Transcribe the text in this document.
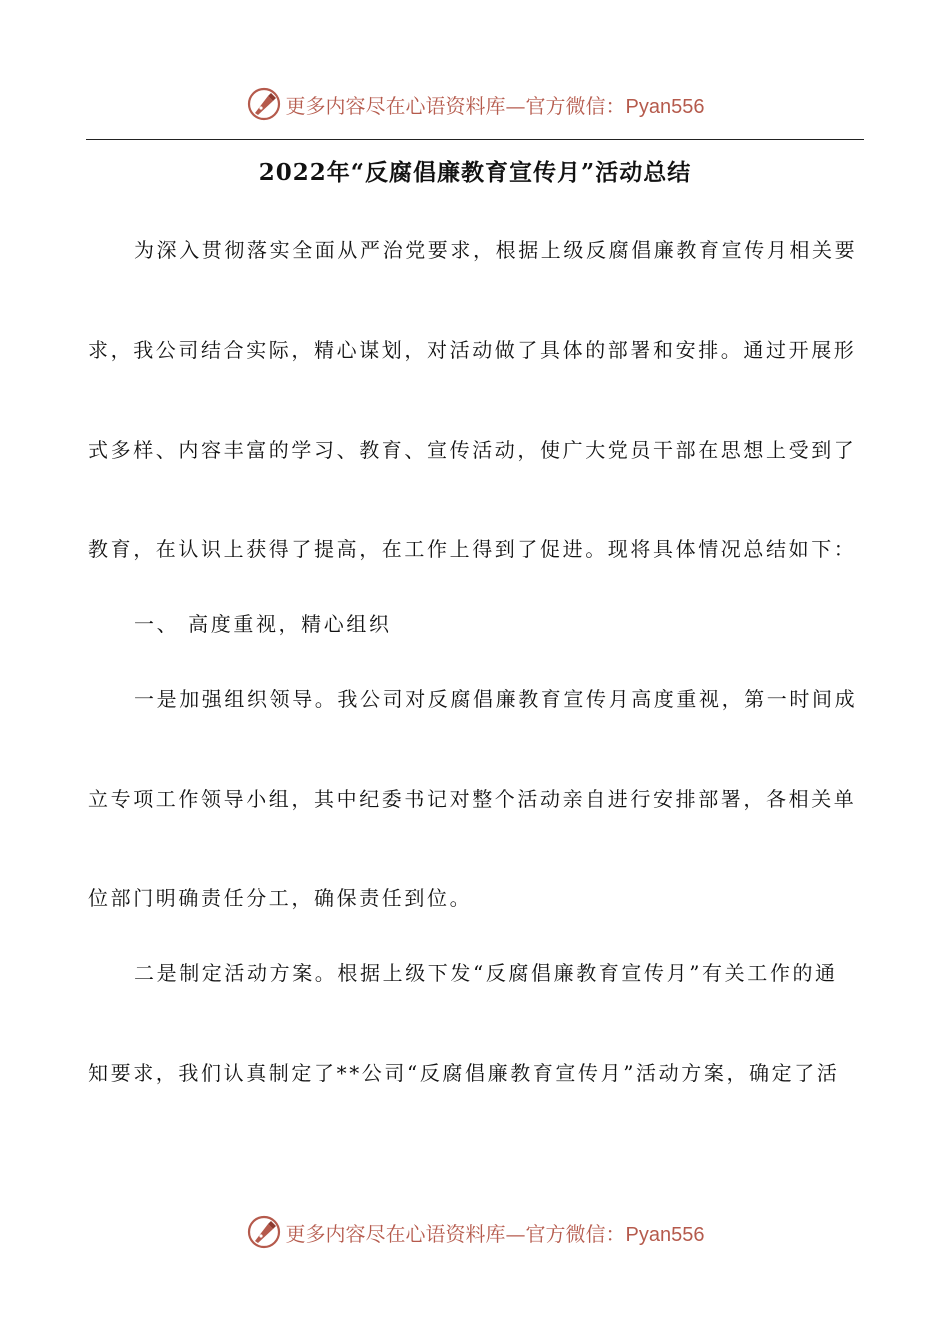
更多内容尽在心语资料库—官方微信：Pyan556
2022年“反腐倡廉教育宣传月”活动总结

为深入贯彻落实全面从严治党要求，根据上级反腐倡廉教育宣传月相关要

求，我公司结合实际，精心谋划，对活动做了具体的部署和安排。通过开展形

式多样、内容丰富的学习、教育、宣传活动，使广大党员干部在思想上受到了

教育，在认识上获得了提高，在工作上得到了促进。现将具体情况总结如下：

一、 高度重视，精心组织

一是加强组织领导。我公司对反腐倡廉教育宣传月高度重视，第一时间成

立专项工作领导小组，其中纪委书记对整个活动亲自进行安排部署，各相关单

位部门明确责任分工，确保责任到位。

二是制定活动方案。根据上级下发“反腐倡廉教育宣传月”有关工作的通

知要求，我们认真制定了**公司“反腐倡廉教育宣传月”活动方案，确定了活

更多内容尽在心语资料库—官方微信：Pyan556
